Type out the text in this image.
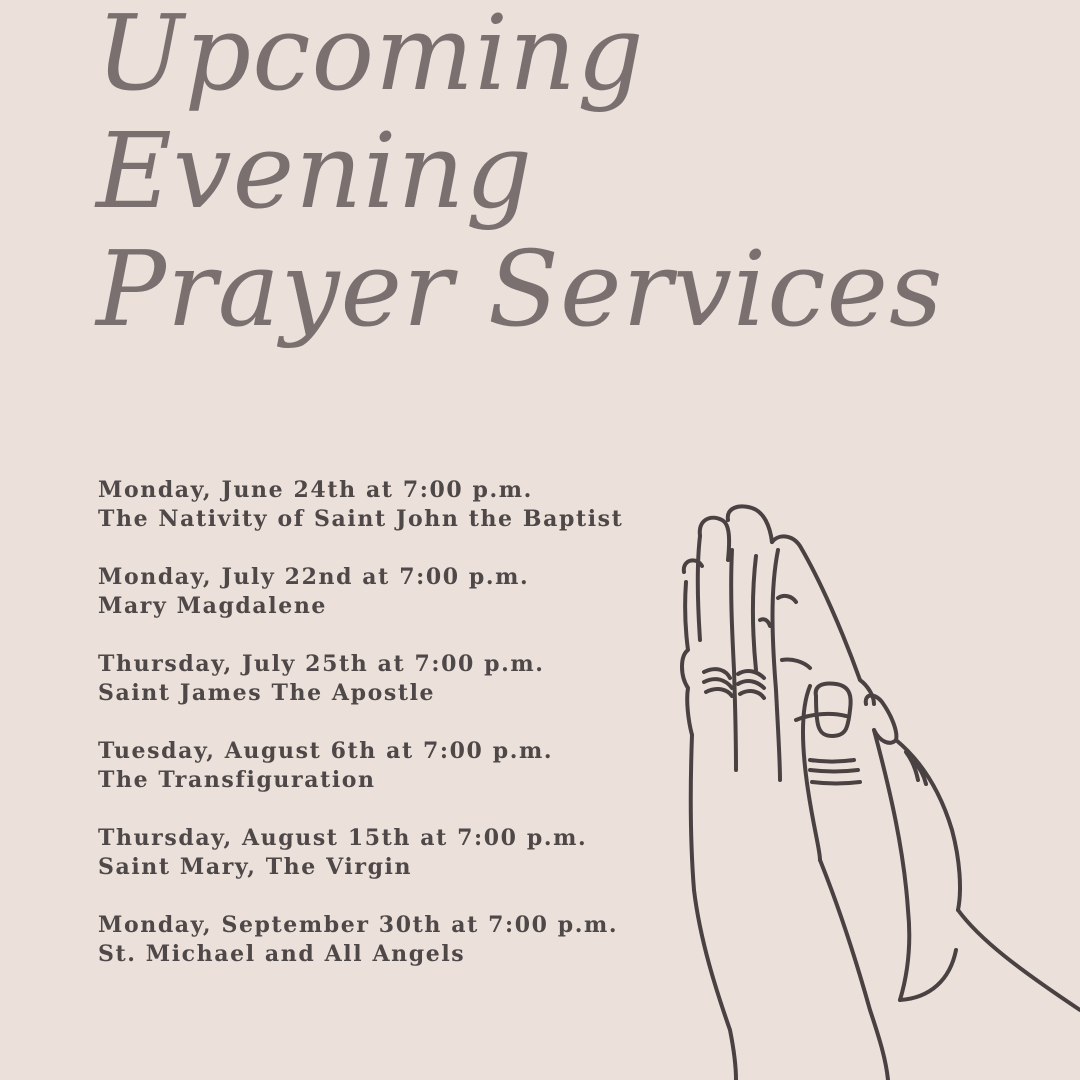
Upcoming
Evening
Prayer Services
Monday, June 24th at 7:00 p.m.
The Nativity of Saint John the Baptist
Monday, July 22nd at 7:00 p.m.
Mary Magdalene
Thursday, July 25th at 7:00 p.m.
Saint James The Apostle
Tuesday, August 6th at 7:00 p.m.
The Transfiguration
Thursday, August 15th at 7:00 p.m.
Saint Mary, The Virgin
Monday, September 30th at 7:00 p.m.
St. Michael and All Angels
